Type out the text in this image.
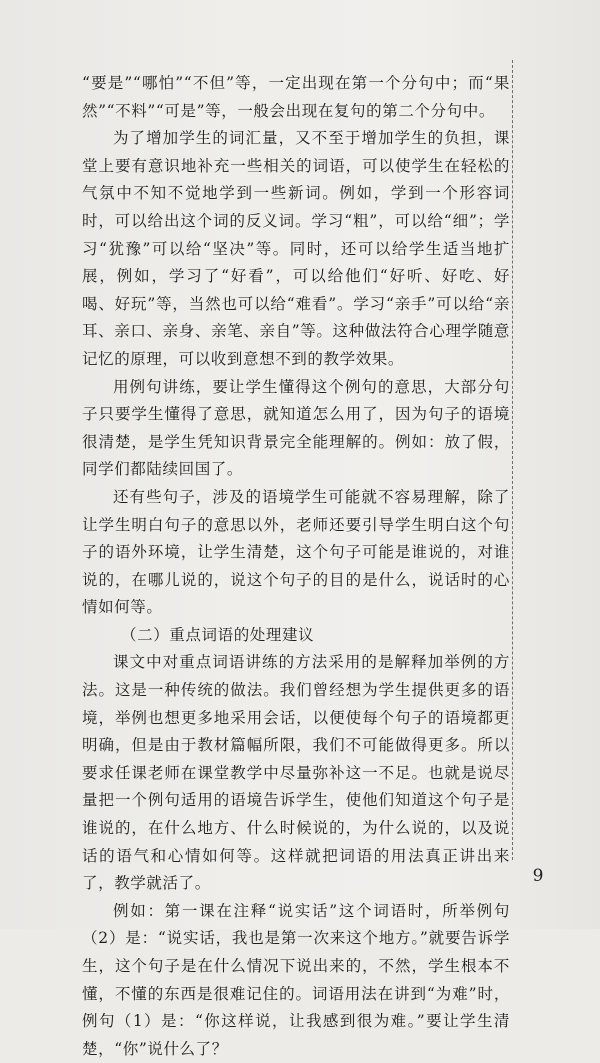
“要是”“哪怕”“不但”等，一定出现在第一个分句中；而“果然”“不料”“可是”等，一般会出现在复句的第二个分句中。

为了增加学生的词汇量，又不至于增加学生的负担，课堂上要有意识地补充一些相关的词语，可以使学生在轻松的气氛中不知不觉地学到一些新词。例如，学到一个形容词时，可以给出这个词的反义词。学习“粗”，可以给“细”；学习“犹豫”可以给“坚决”等。同时，还可以给学生适当地扩展，例如，学习了“好看”，可以给他们“好听、好吃、好喝、好玩”等，当然也可以给“难看”。学习“亲手”可以给“亲耳、亲口、亲身、亲笔、亲自”等。这种做法符合心理学随意记忆的原理，可以收到意想不到的教学效果。

用例句讲练，要让学生懂得这个例句的意思，大部分句子只要学生懂得了意思，就知道怎么用了，因为句子的语境很清楚，是学生凭知识背景完全能理解的。例如：放了假，同学们都陆续回国了。

还有些句子，涉及的语境学生可能就不容易理解，除了让学生明白句子的意思以外，老师还要引导学生明白这个句子的语外环境，让学生清楚，这个句子可能是谁说的，对谁说的，在哪儿说的，说这个句子的目的是什么，说话时的心情如何等。

（二）重点词语的处理建议

课文中对重点词语讲练的方法采用的是解释加举例的方法。这是一种传统的做法。我们曾经想为学生提供更多的语境，举例也想更多地采用会话，以便使每个句子的语境都更明确，但是由于教材篇幅所限，我们不可能做得更多。所以要求任课老师在课堂教学中尽量弥补这一不足。也就是说尽量把一个例句适用的语境告诉学生，使他们知道这个句子是谁说的，在什么地方、什么时候说的，为什么说的，以及说话的语气和心情如何等。这样就把词语的用法真正讲出来了，教学就活了。

例如：第一课在注释“说实话”这个词语时，所举例句（2）是：“说实话，我也是第一次来这个地方。”就要告诉学生，这个句子是在什么情况下说出来的，不然，学生根本不懂，不懂的东西是很难记住的。词语用法在讲到“为难”时，例句（1）是：“你这样说，让我感到很为难。”要让学生清楚，“你”说什么了？

9
